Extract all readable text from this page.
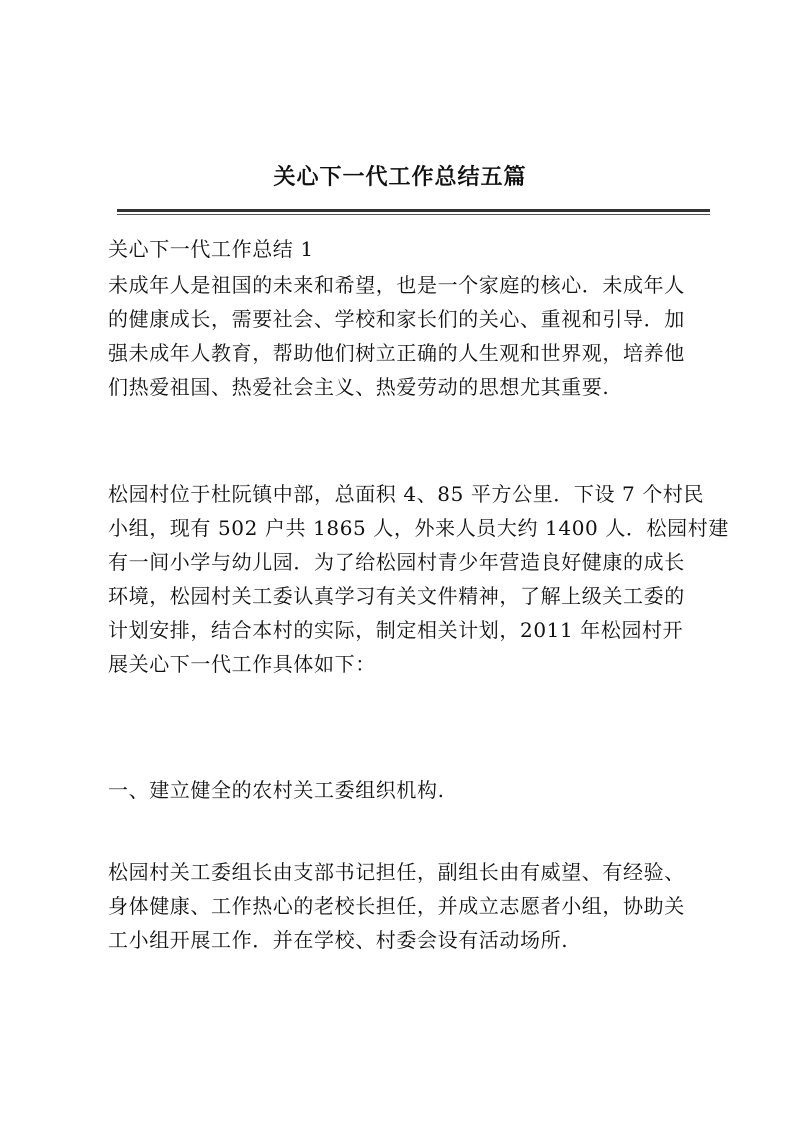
关心下一代工作总结五篇
关心下一代工作总结 1
未成年人是祖国的未来和希望，也是一个家庭的核心．未成年人
的健康成长，需要社会、学校和家长们的关心、重视和引导．加
强未成年人教育，帮助他们树立正确的人生观和世界观，培养他
们热爱祖国、热爱社会主义、热爱劳动的思想尤其重要.
松园村位于杜阮镇中部，总面积 4、85 平方公里．下设 7 个村民
小组，现有 502 户共 1865 人，外来人员大约 1400 人．松园村建
有一间小学与幼儿园．为了给松园村青少年营造良好健康的成长
环境，松园村关工委认真学习有关文件精神，了解上级关工委的
计划安排，结合本村的实际，制定相关计划，2011 年松园村开
展关心下一代工作具体如下：
一、建立健全的农村关工委组织机构.
松园村关工委组长由支部书记担任，副组长由有威望、有经验、
身体健康、工作热心的老校长担任，并成立志愿者小组，协助关
工小组开展工作．并在学校、村委会设有活动场所.
